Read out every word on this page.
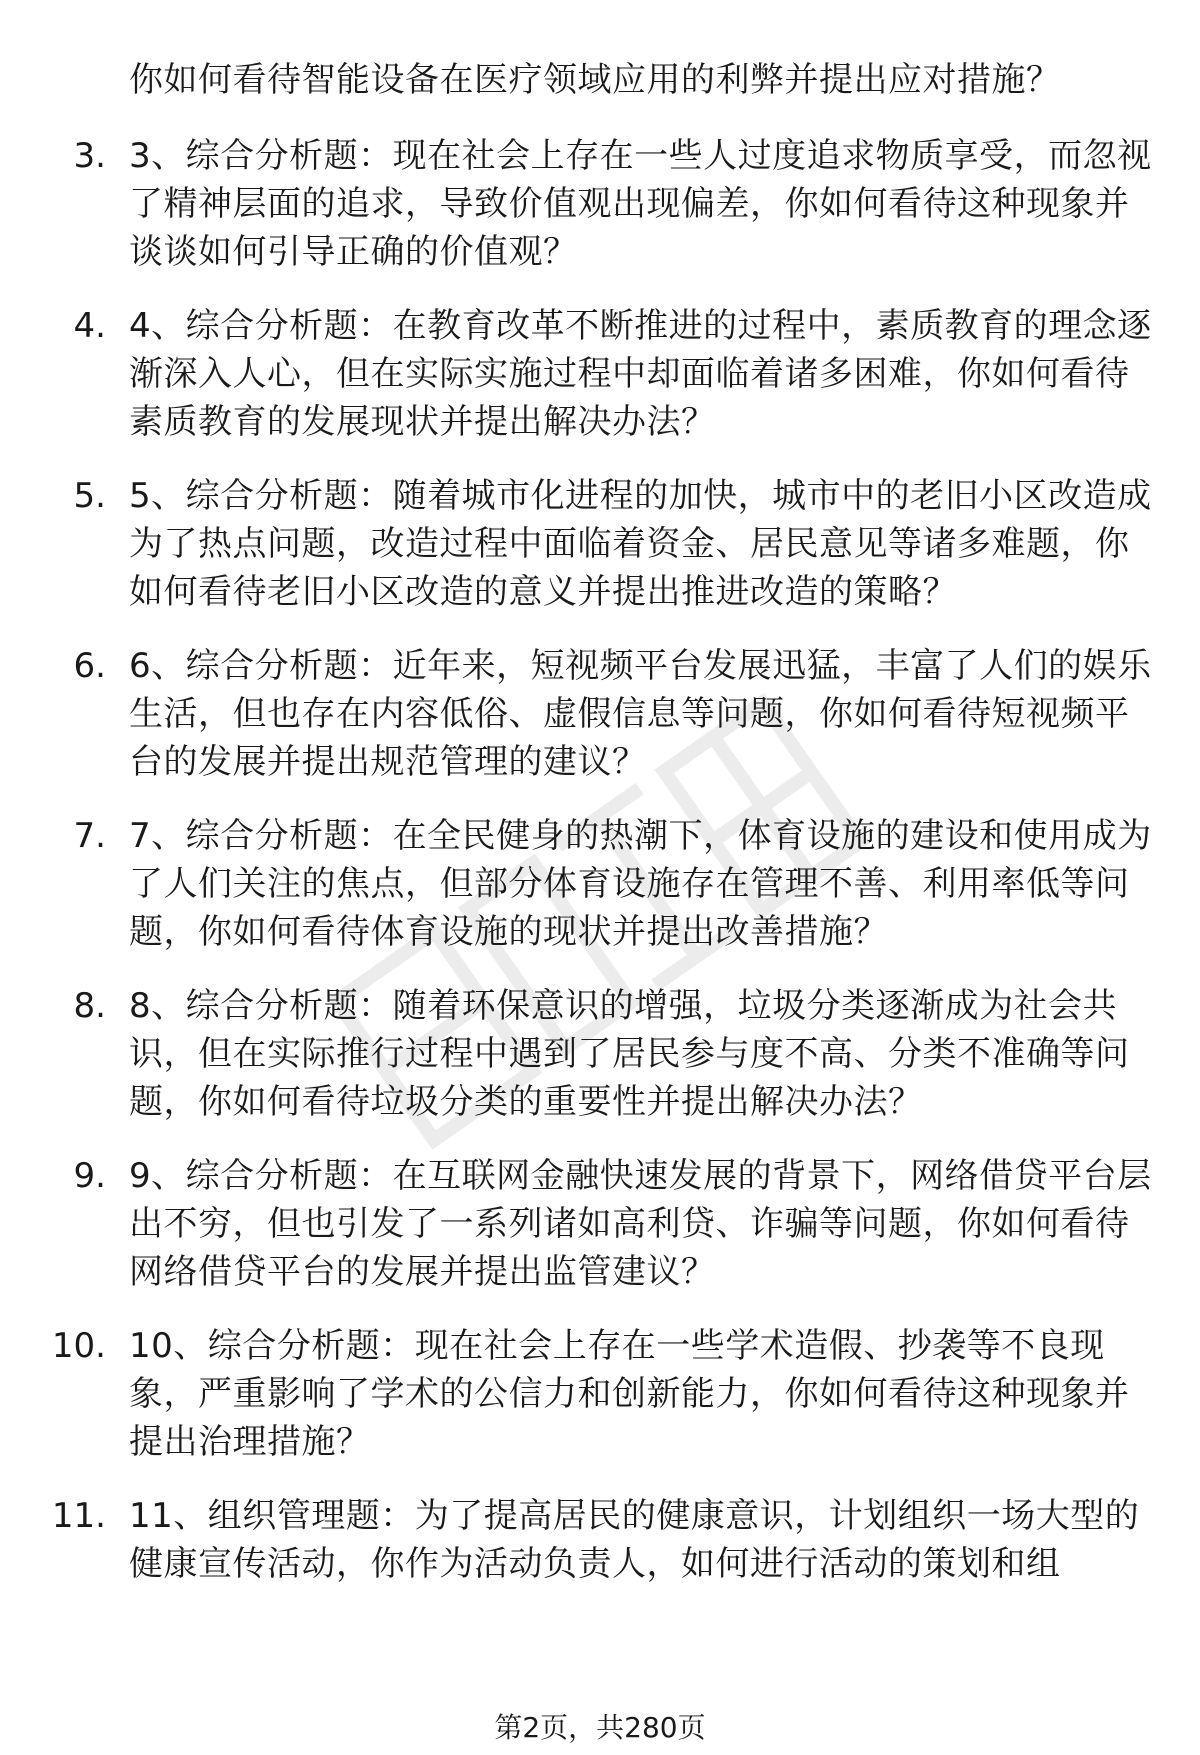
你如何看待智能设备在医疗领域应用的利弊并提出应对措施？
3. 3、综合分析题：现在社会上存在一些人过度追求物质享受，而忽视了精神层面的追求，导致价值观出现偏差，你如何看待这种现象并谈谈如何引导正确的价值观？
4. 4、综合分析题：在教育改革不断推进的过程中，素质教育的理念逐渐深入人心，但在实际实施过程中却面临着诸多困难，你如何看待素质教育的发展现状并提出解决办法？
5. 5、综合分析题：随着城市化进程的加快，城市中的老旧小区改造成为了热点问题，改造过程中面临着资金、居民意见等诸多难题，你如何看待老旧小区改造的意义并提出推进改造的策略？
6. 6、综合分析题：近年来，短视频平台发展迅猛，丰富了人们的娱乐生活，但也存在内容低俗、虚假信息等问题，你如何看待短视频平台的发展并提出规范管理的建议？
7. 7、综合分析题：在全民健身的热潮下，体育设施的建设和使用成为了人们关注的焦点，但部分体育设施存在管理不善、利用率低等问题，你如何看待体育设施的现状并提出改善措施？
8. 8、综合分析题：随着环保意识的增强，垃圾分类逐渐成为社会共识，但在实际推行过程中遇到了居民参与度不高、分类不准确等问题，你如何看待垃圾分类的重要性并提出解决办法？
9. 9、综合分析题：在互联网金融快速发展的背景下，网络借贷平台层出不穷，但也引发了一系列诸如高利贷、诈骗等问题，你如何看待网络借贷平台的发展并提出监管建议？
10. 10、综合分析题：现在社会上存在一些学术造假、抄袭等不良现象，严重影响了学术的公信力和创新能力，你如何看待这种现象并提出治理措施？
11. 11、组织管理题：为了提高居民的健康意识，计划组织一场大型的健康宣传活动，你作为活动负责人，如何进行活动的策划和组
第2页，共280页
